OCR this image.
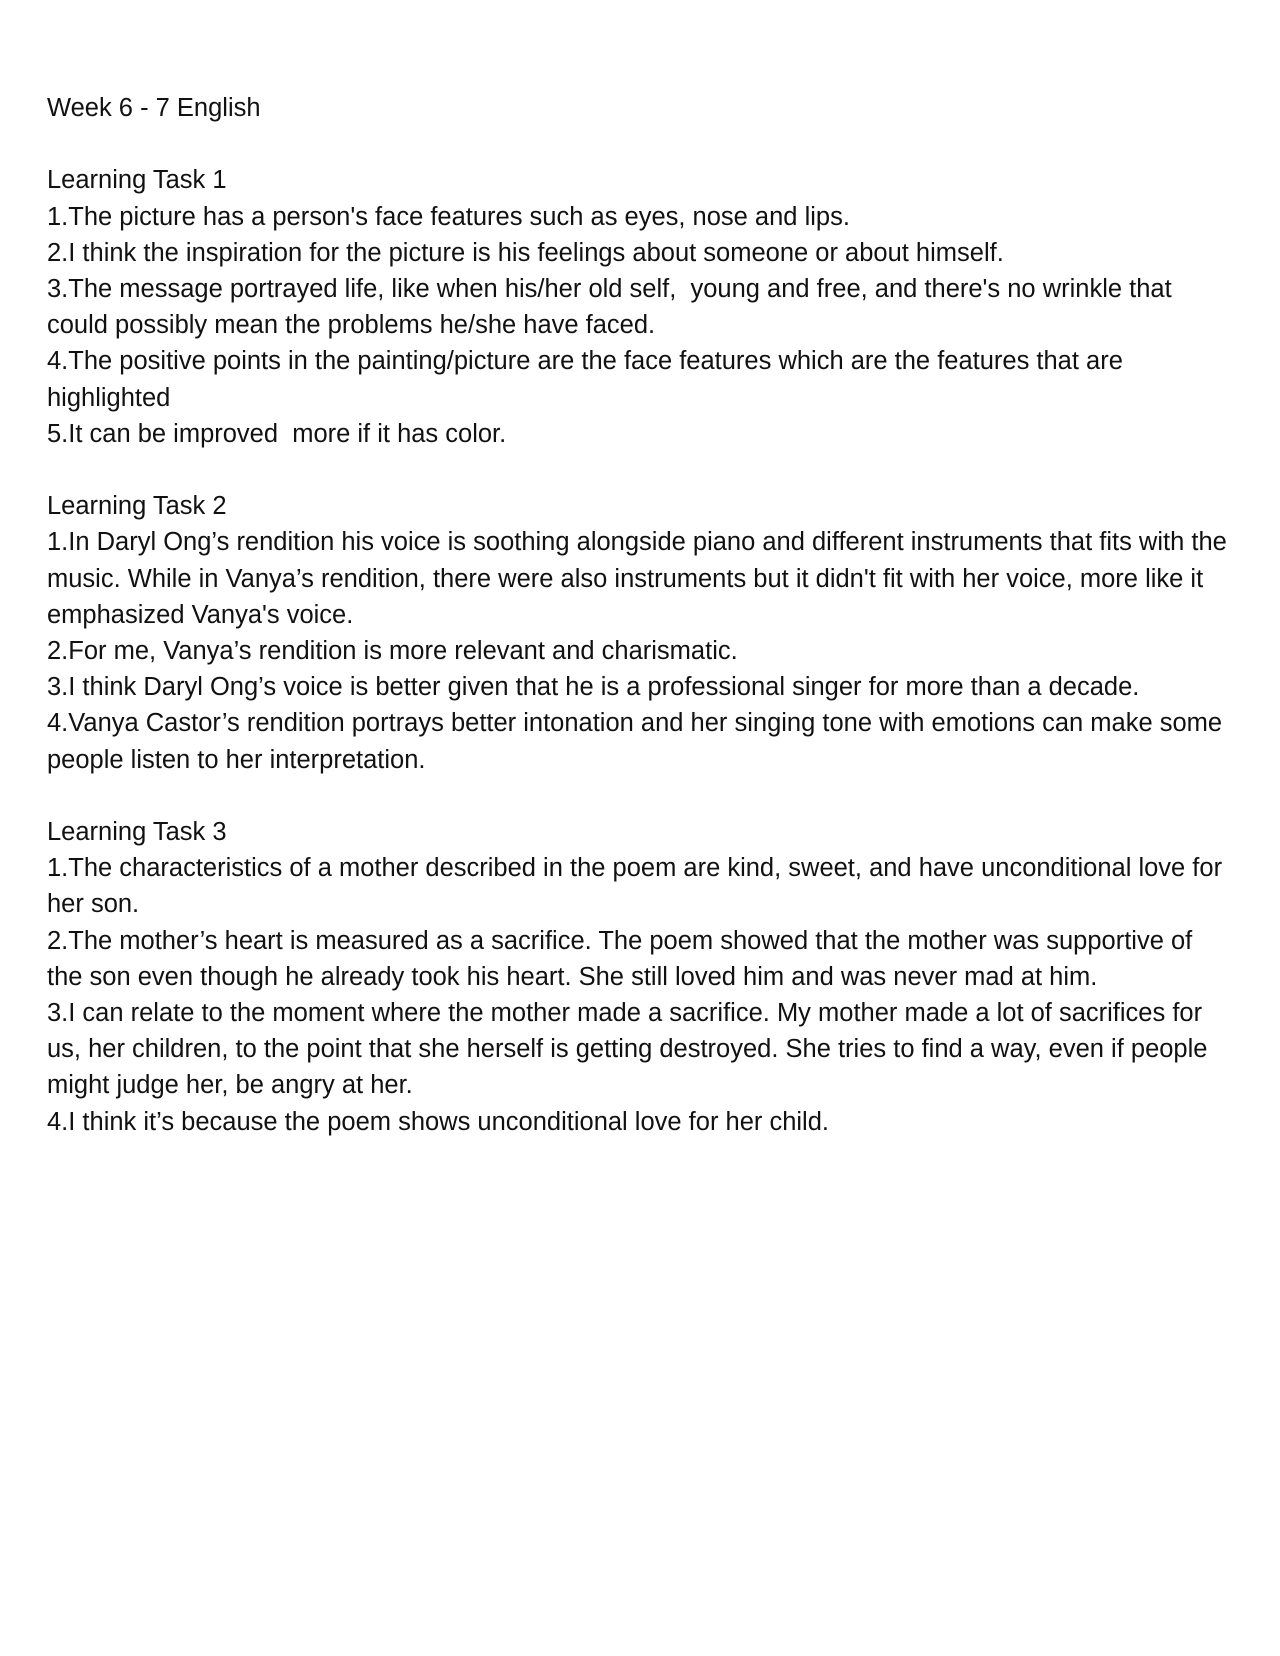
Week 6 - 7 English
Learning Task 1
1.The picture has a person's face features such as eyes, nose and lips.
2.I think the inspiration for the picture is his feelings about someone or about himself.
3.The message portrayed life, like when his/her old self,  young and free, and there's no wrinkle that could possibly mean the problems he/she have faced.
4.The positive points in the painting/picture are the face features which are the features that are highlighted
5.It can be improved  more if it has color.
Learning Task 2
1.In Daryl Ong’s rendition his voice is soothing alongside piano and different instruments that fits with the music. While in Vanya’s rendition, there were also instruments but it didn't fit with her voice, more like it emphasized Vanya's voice.
2.For me, Vanya’s rendition is more relevant and charismatic.
3.I think Daryl Ong’s voice is better given that he is a professional singer for more than a decade.
4.Vanya Castor’s rendition portrays better intonation and her singing tone with emotions can make some people listen to her interpretation.
Learning Task 3
1.The characteristics of a mother described in the poem are kind, sweet, and have unconditional love for her son.
2.The mother’s heart is measured as a sacrifice. The poem showed that the mother was supportive of the son even though he already took his heart. She still loved him and was never mad at him.
3.I can relate to the moment where the mother made a sacrifice. My mother made a lot of sacrifices for us, her children, to the point that she herself is getting destroyed. She tries to find a way, even if people might judge her, be angry at her.
4.I think it’s because the poem shows unconditional love for her child.
